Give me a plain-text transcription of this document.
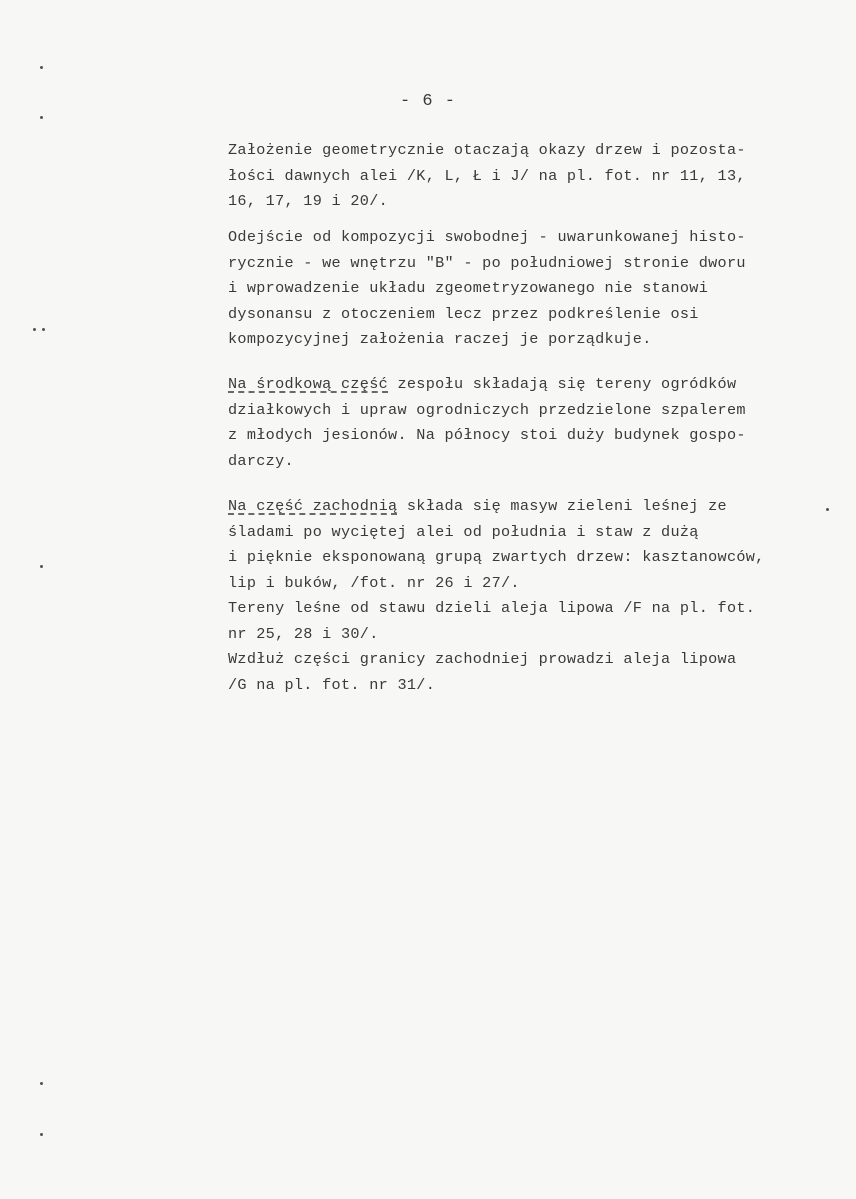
- 6 -
Założenie geometrycznie otaczają okazy drzew i pozosta-
łości dawnych alei /K, L, Ł i J/ na pl. fot. nr 11, 13,
16, 17, 19 i 20/.
Odejście od kompozycji swobodnej - uwarunkowanej histo-
rycznie - we wnętrzu "B" - po południowej stronie dworu
i wprowadzenie układu zgeometryzowanego nie stanowi
dysonansu z otoczeniem lecz przez podkreślenie osi
kompozycyjnej założenia raczej je porządkuje.
Na środkową część zespołu składają się tereny ogródków
działkowych i upraw ogrodniczych przedzielone szpalerem
z młodych jesionów. Na północy stoi duży budynek gospo-
darczy.
Na część zachodnią składa się masyw zieleni leśnej ze
śladami po wyciętej alei od południa i staw z dużą
i pięknie eksponowaną grupą zwartych drzew: kasztanowców,
lip i buków, /fot. nr 26 i 27/.
Tereny leśne od stawu dzieli aleja lipowa /F na pl. fot.
nr 25, 28 i 30/.
Wzdłuż części granicy zachodniej prowadzi aleja lipowa
/G na pl. fot. nr 31/.
